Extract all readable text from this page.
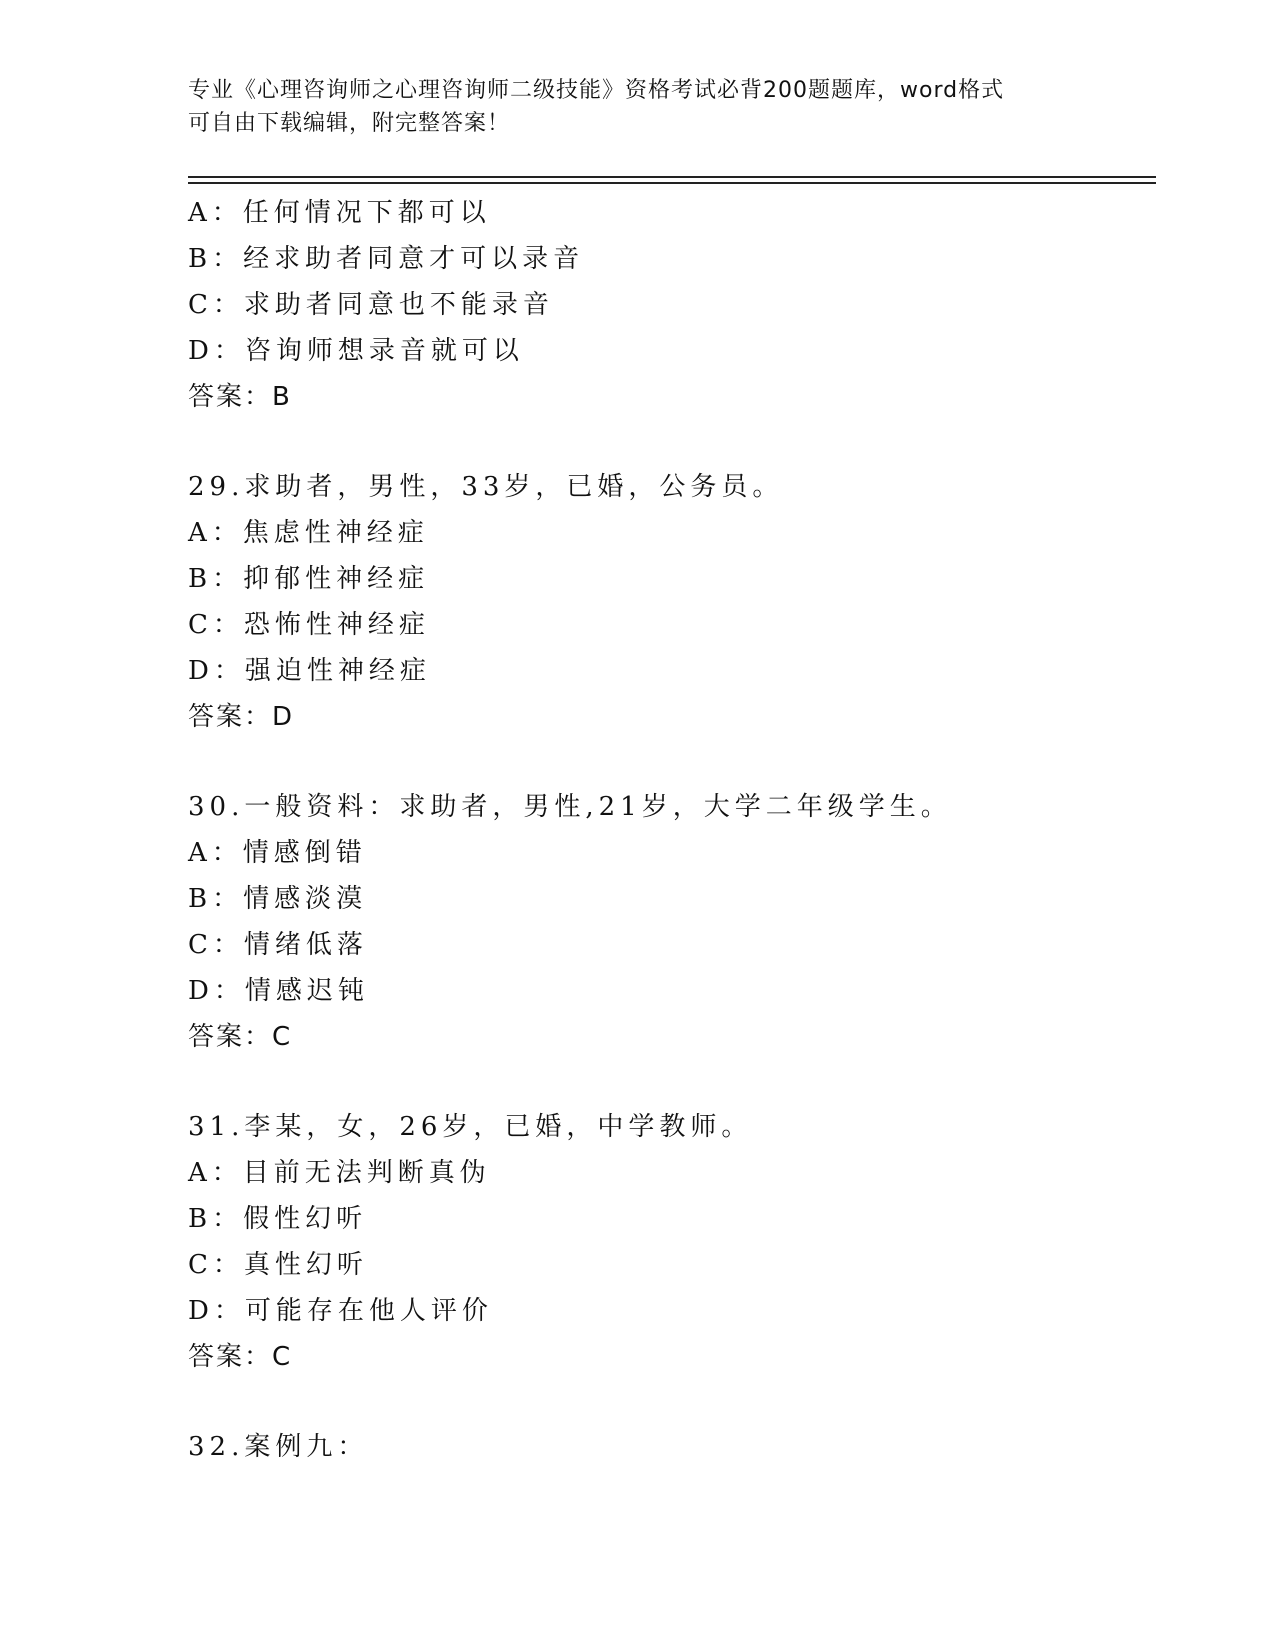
专业《心理咨询师之心理咨询师二级技能》资格考试必背200题题库，word格式
可自由下载编辑，附完整答案！
A：任何情况下都可以
B：经求助者同意才可以录音
C：求助者同意也不能录音
D：咨询师想录音就可以
答案：B
29.求助者，男性，33岁，已婚，公务员。
A：焦虑性神经症
B：抑郁性神经症
C：恐怖性神经症
D：强迫性神经症
答案：D
30.一般资料：求助者，男性,21岁，大学二年级学生。
A：情感倒错
B：情感淡漠
C：情绪低落
D：情感迟钝
答案：C
31.李某，女，26岁，已婚，中学教师。
A：目前无法判断真伪
B：假性幻听
C：真性幻听
D：可能存在他人评价
答案：C
32.案例九：
